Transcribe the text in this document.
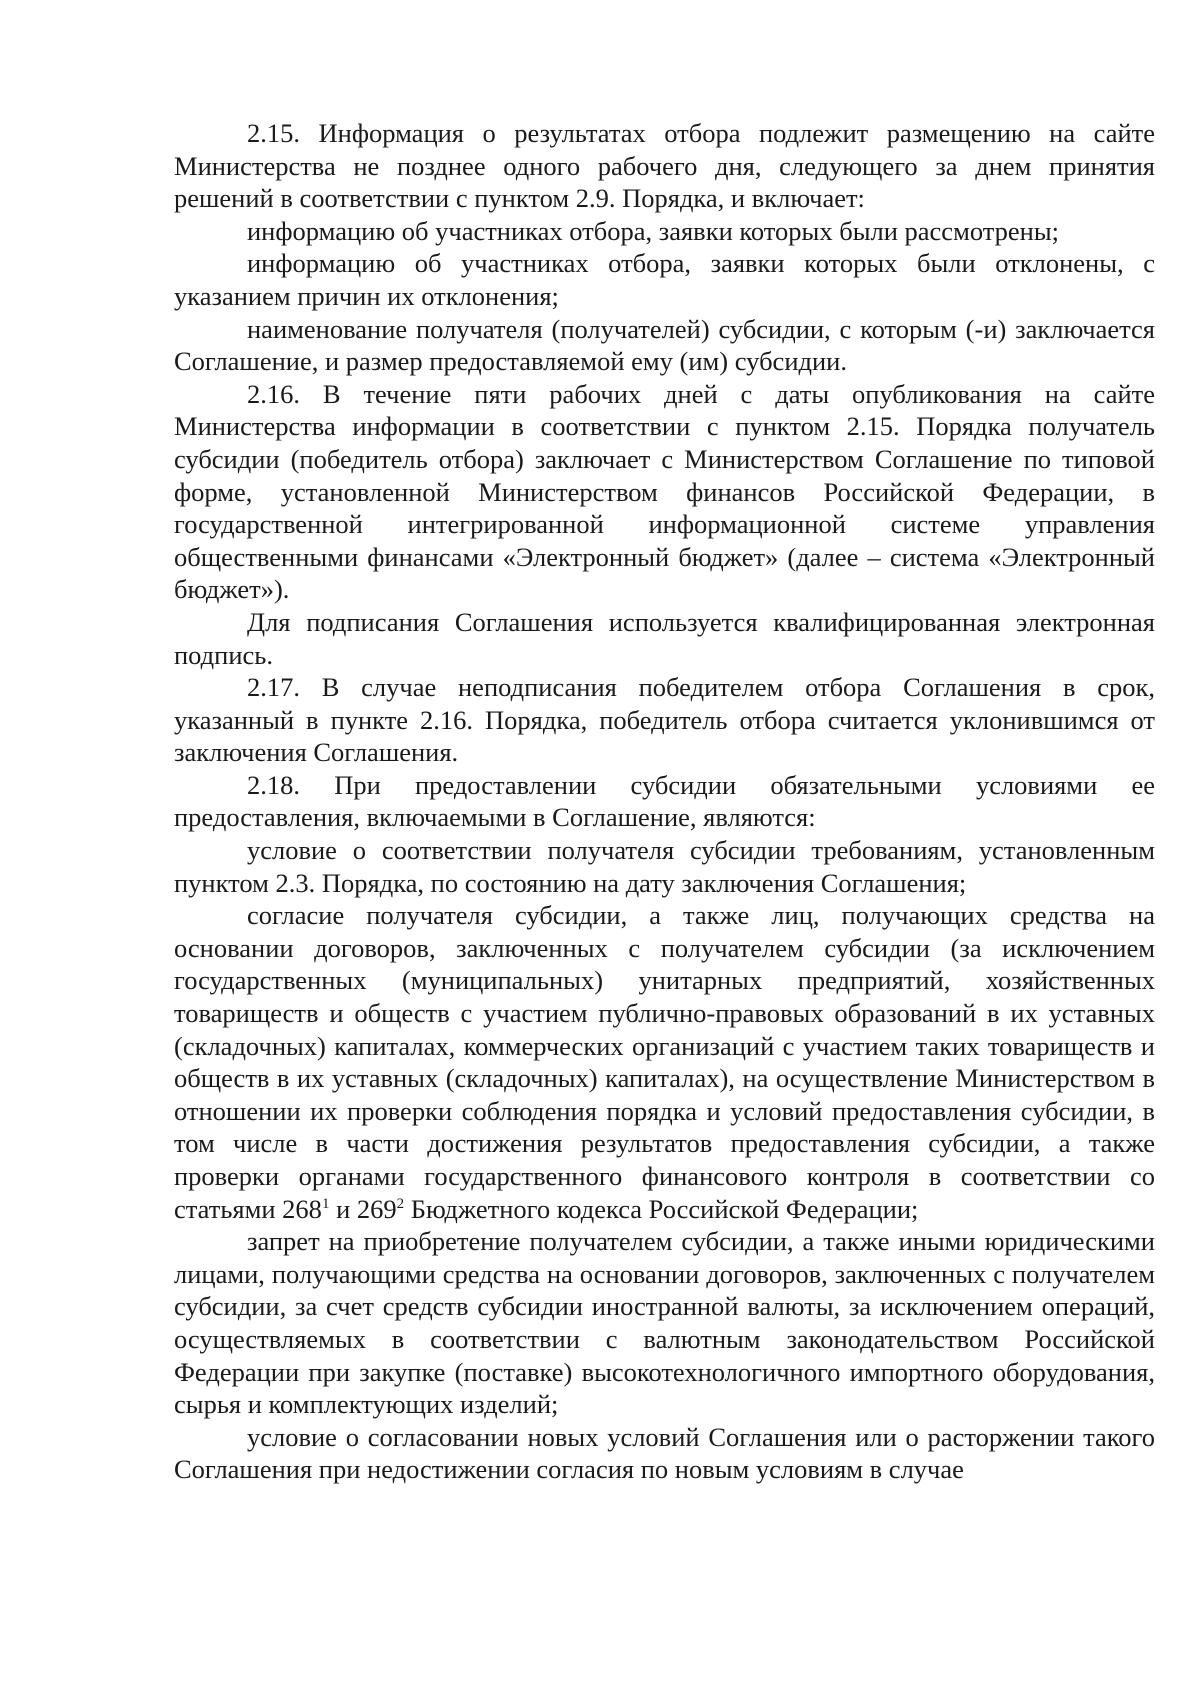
2.15. Информация о результатах отбора подлежит размещению на сайте Министерства не позднее одного рабочего дня, следующего за днем принятия решений в соответствии с пунктом 2.9. Порядка, и включает:

информацию об участниках отбора, заявки которых были рассмотрены;

информацию об участниках отбора, заявки которых были отклонены, с указанием причин их отклонения;

наименование получателя (получателей) субсидии, с которым (-и) заключается Соглашение, и размер предоставляемой ему (им) субсидии.

2.16. В течение пяти рабочих дней с даты опубликования на сайте Министерства информации в соответствии с пунктом 2.15. Порядка получатель субсидии (победитель отбора) заключает с Министерством Соглашение по типовой форме, установленной Министерством финансов Российской Федерации, в государственной интегрированной информационной системе управления общественными финансами «Электронный бюджет» (далее – система «Электронный бюджет»).

Для подписания Соглашения используется квалифицированная электронная подпись.

2.17. В случае неподписания победителем отбора Соглашения в срок, указанный в пункте 2.16. Порядка, победитель отбора считается уклонившимся от заключения Соглашения.

2.18. При предоставлении субсидии обязательными условиями ее предоставления, включаемыми в Соглашение, являются:

условие о соответствии получателя субсидии требованиям, установленным пунктом 2.3. Порядка, по состоянию на дату заключения Соглашения;

согласие получателя субсидии, а также лиц, получающих средства на основании договоров, заключенных с получателем субсидии (за исключением государственных (муниципальных) унитарных предприятий, хозяйственных товариществ и обществ с участием публично-правовых образований в их уставных (складочных) капиталах, коммерческих организаций с участием таких товариществ и обществ в их уставных (складочных) капиталах), на осуществление Министерством в отношении их проверки соблюдения порядка и условий предоставления субсидии, в том числе в части достижения результатов предоставления субсидии, а также проверки органами государственного финансового контроля в соответствии со статьями $268^1$ и $269^2$ Бюджетного кодекса Российской Федерации;

запрет на приобретение получателем субсидии, а также иными юридическими лицами, получающими средства на основании договоров, заключенных с получателем субсидии, за счет средств субсидии иностранной валюты, за исключением операций, осуществляемых в соответствии с валютным законодательством Российской Федерации при закупке (поставке) высокотехнологичного импортного оборудования, сырья и комплектующих изделий;

условие о согласовании новых условий Соглашения или о расторжении такого Соглашения при недостижении согласия по новым условиям в случае
